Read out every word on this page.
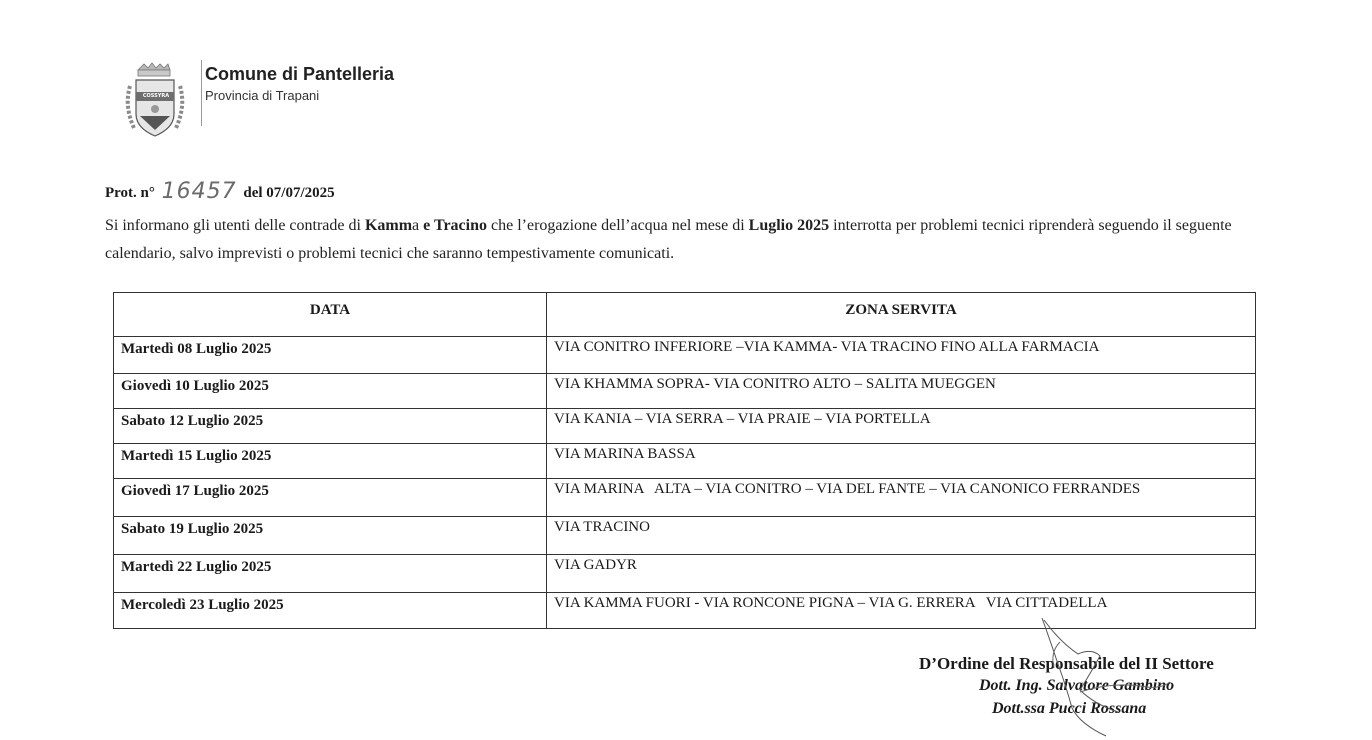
COSSYRA
Comune di Pantelleria
Provincia di Trapani
Prot. n° 16457 del 07/07/2025
Si informano gli utenti delle contrade di Kamma e Tracino che l’erogazione dell’acqua nel mese di Luglio 2025 interrotta per problemi tecnici riprenderà seguendo il seguente calendario, salvo imprevisti o problemi tecnici che saranno tempestivamente comunicati.
DATA	ZONA SERVITA
Martedì 08 Luglio 2025	VIA CONITRO INFERIORE –VIA KAMMA- VIA TRACINO FINO ALLA FARMACIA
Giovedì 10 Luglio 2025	VIA KHAMMA SOPRA- VIA CONITRO ALTO – SALITA MUEGGEN
Sabato 12 Luglio 2025	VIA KANIA – VIA SERRA – VIA PRAIE – VIA PORTELLA
Martedì 15 Luglio 2025	VIA MARINA BASSA
Giovedì 17 Luglio 2025	VIA MARINA   ALTA – VIA CONITRO – VIA DEL FANTE – VIA CANONICO FERRANDES
Sabato 19 Luglio 2025	VIA TRACINO
Martedì 22 Luglio 2025	VIA GADYR
Mercoledì 23 Luglio 2025	VIA KAMMA FUORI - VIA RONCONE PIGNA – VIA G. ERRERA   VIA CITTADELLA
D’Ordine del Responsabile del II Settore
Dott. Ing. Salvatore Gambino
Dott.ssa Pucci Rossana
